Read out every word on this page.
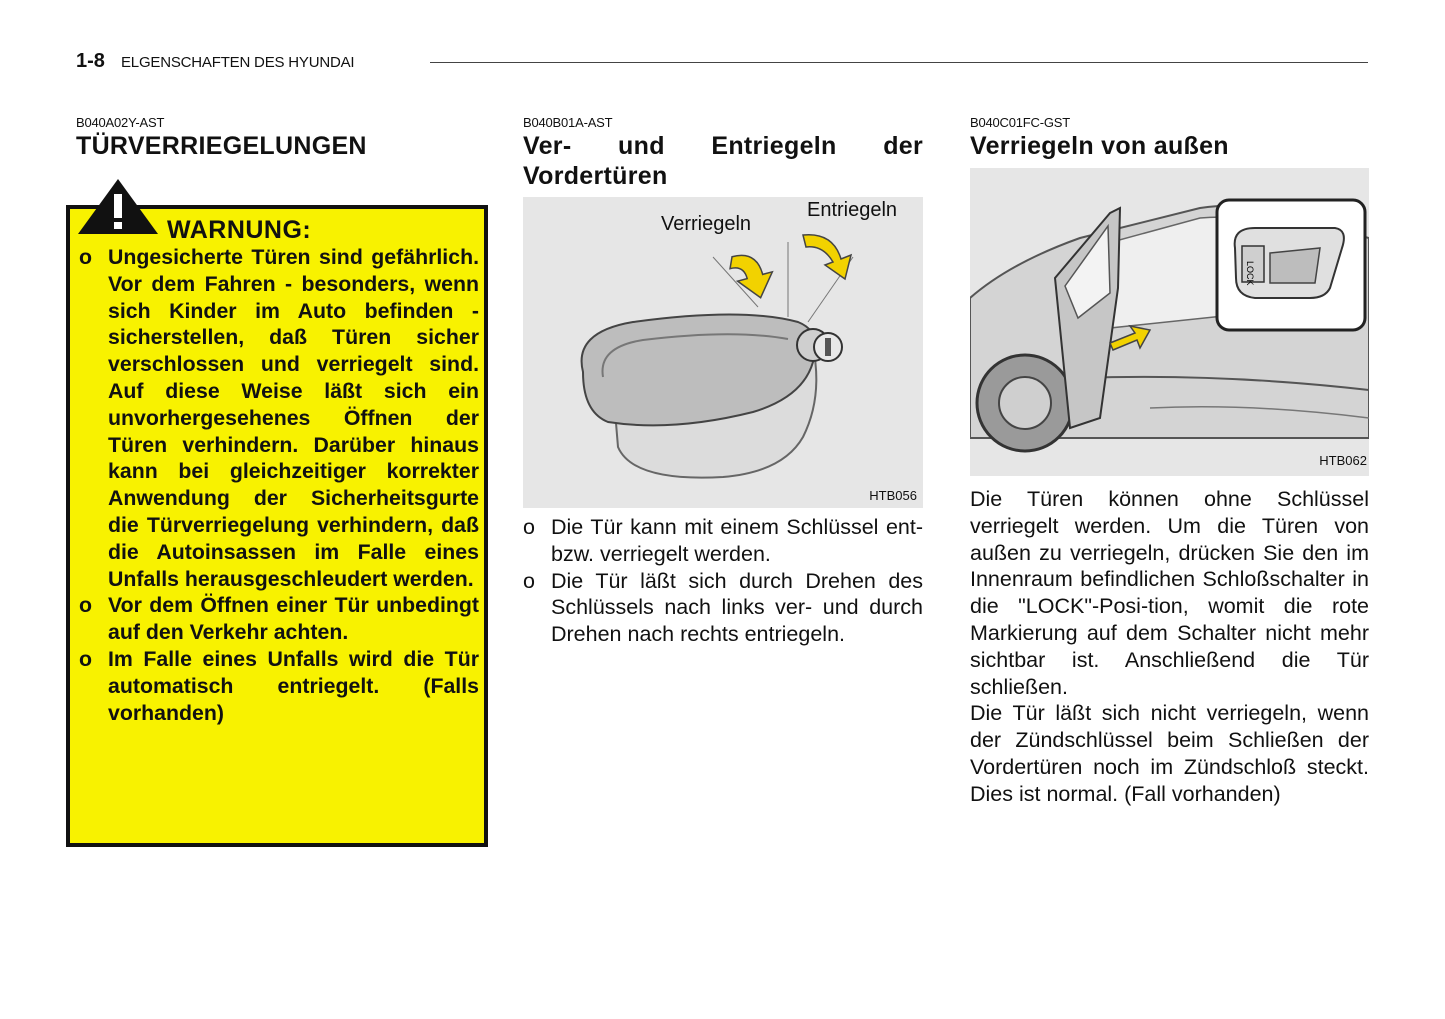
1-8 ELGENSCHAFTEN DES HYUNDAI
B040A02Y-AST
TÜRVERRIEGELUNGEN
WARNUNG:
o Ungesicherte Türen sind gefährlich. Vor dem Fahren - besonders, wenn sich Kinder im Auto befinden - sicherstellen, daß Türen sicher verschlossen und verriegelt sind. Auf diese Weise läßt sich ein unvorhergesehenes Öffnen der Türen verhindern. Darüber hinaus kann bei gleichzeitiger korrekter Anwendung der Sicherheitsgurte die Türverriegelung verhindern, daß die Autoinsassen im Falle eines Unfalls herausgeschleudert werden.

o Vor dem Öffnen einer Tür unbedingt auf den Verkehr achten.

o Im Falle eines Unfalls wird die Tür automatisch entriegelt. (Falls vorhanden)

B040B01A-AST
Ver- und Entriegeln der
Vordertüren
Verriegeln
Entriegeln
HTB056
o Die Tür kann mit einem Schlüssel ent- bzw. verriegelt werden.

o Die Tür läßt sich durch Drehen des Schlüssels nach links ver- und durch Drehen nach rechts entriegeln.

B040C01FC-GST
Verriegeln von außen
LOCK
HTB062

Die Türen können ohne Schlüssel verriegelt werden. Um die Türen von außen zu verriegeln, drücken Sie den im Innenraum befindlichen Schloßschalter in die "LOCK"-Posi-tion, womit die rote Markierung auf dem Schalter nicht mehr sichtbar ist. Anschließend die Tür schließen.

Die Tür läßt sich nicht verriegeln, wenn der Zündschlüssel beim Schließen der Vordertüren noch im Zündschloß steckt. Dies ist normal. (Fall vorhanden)
